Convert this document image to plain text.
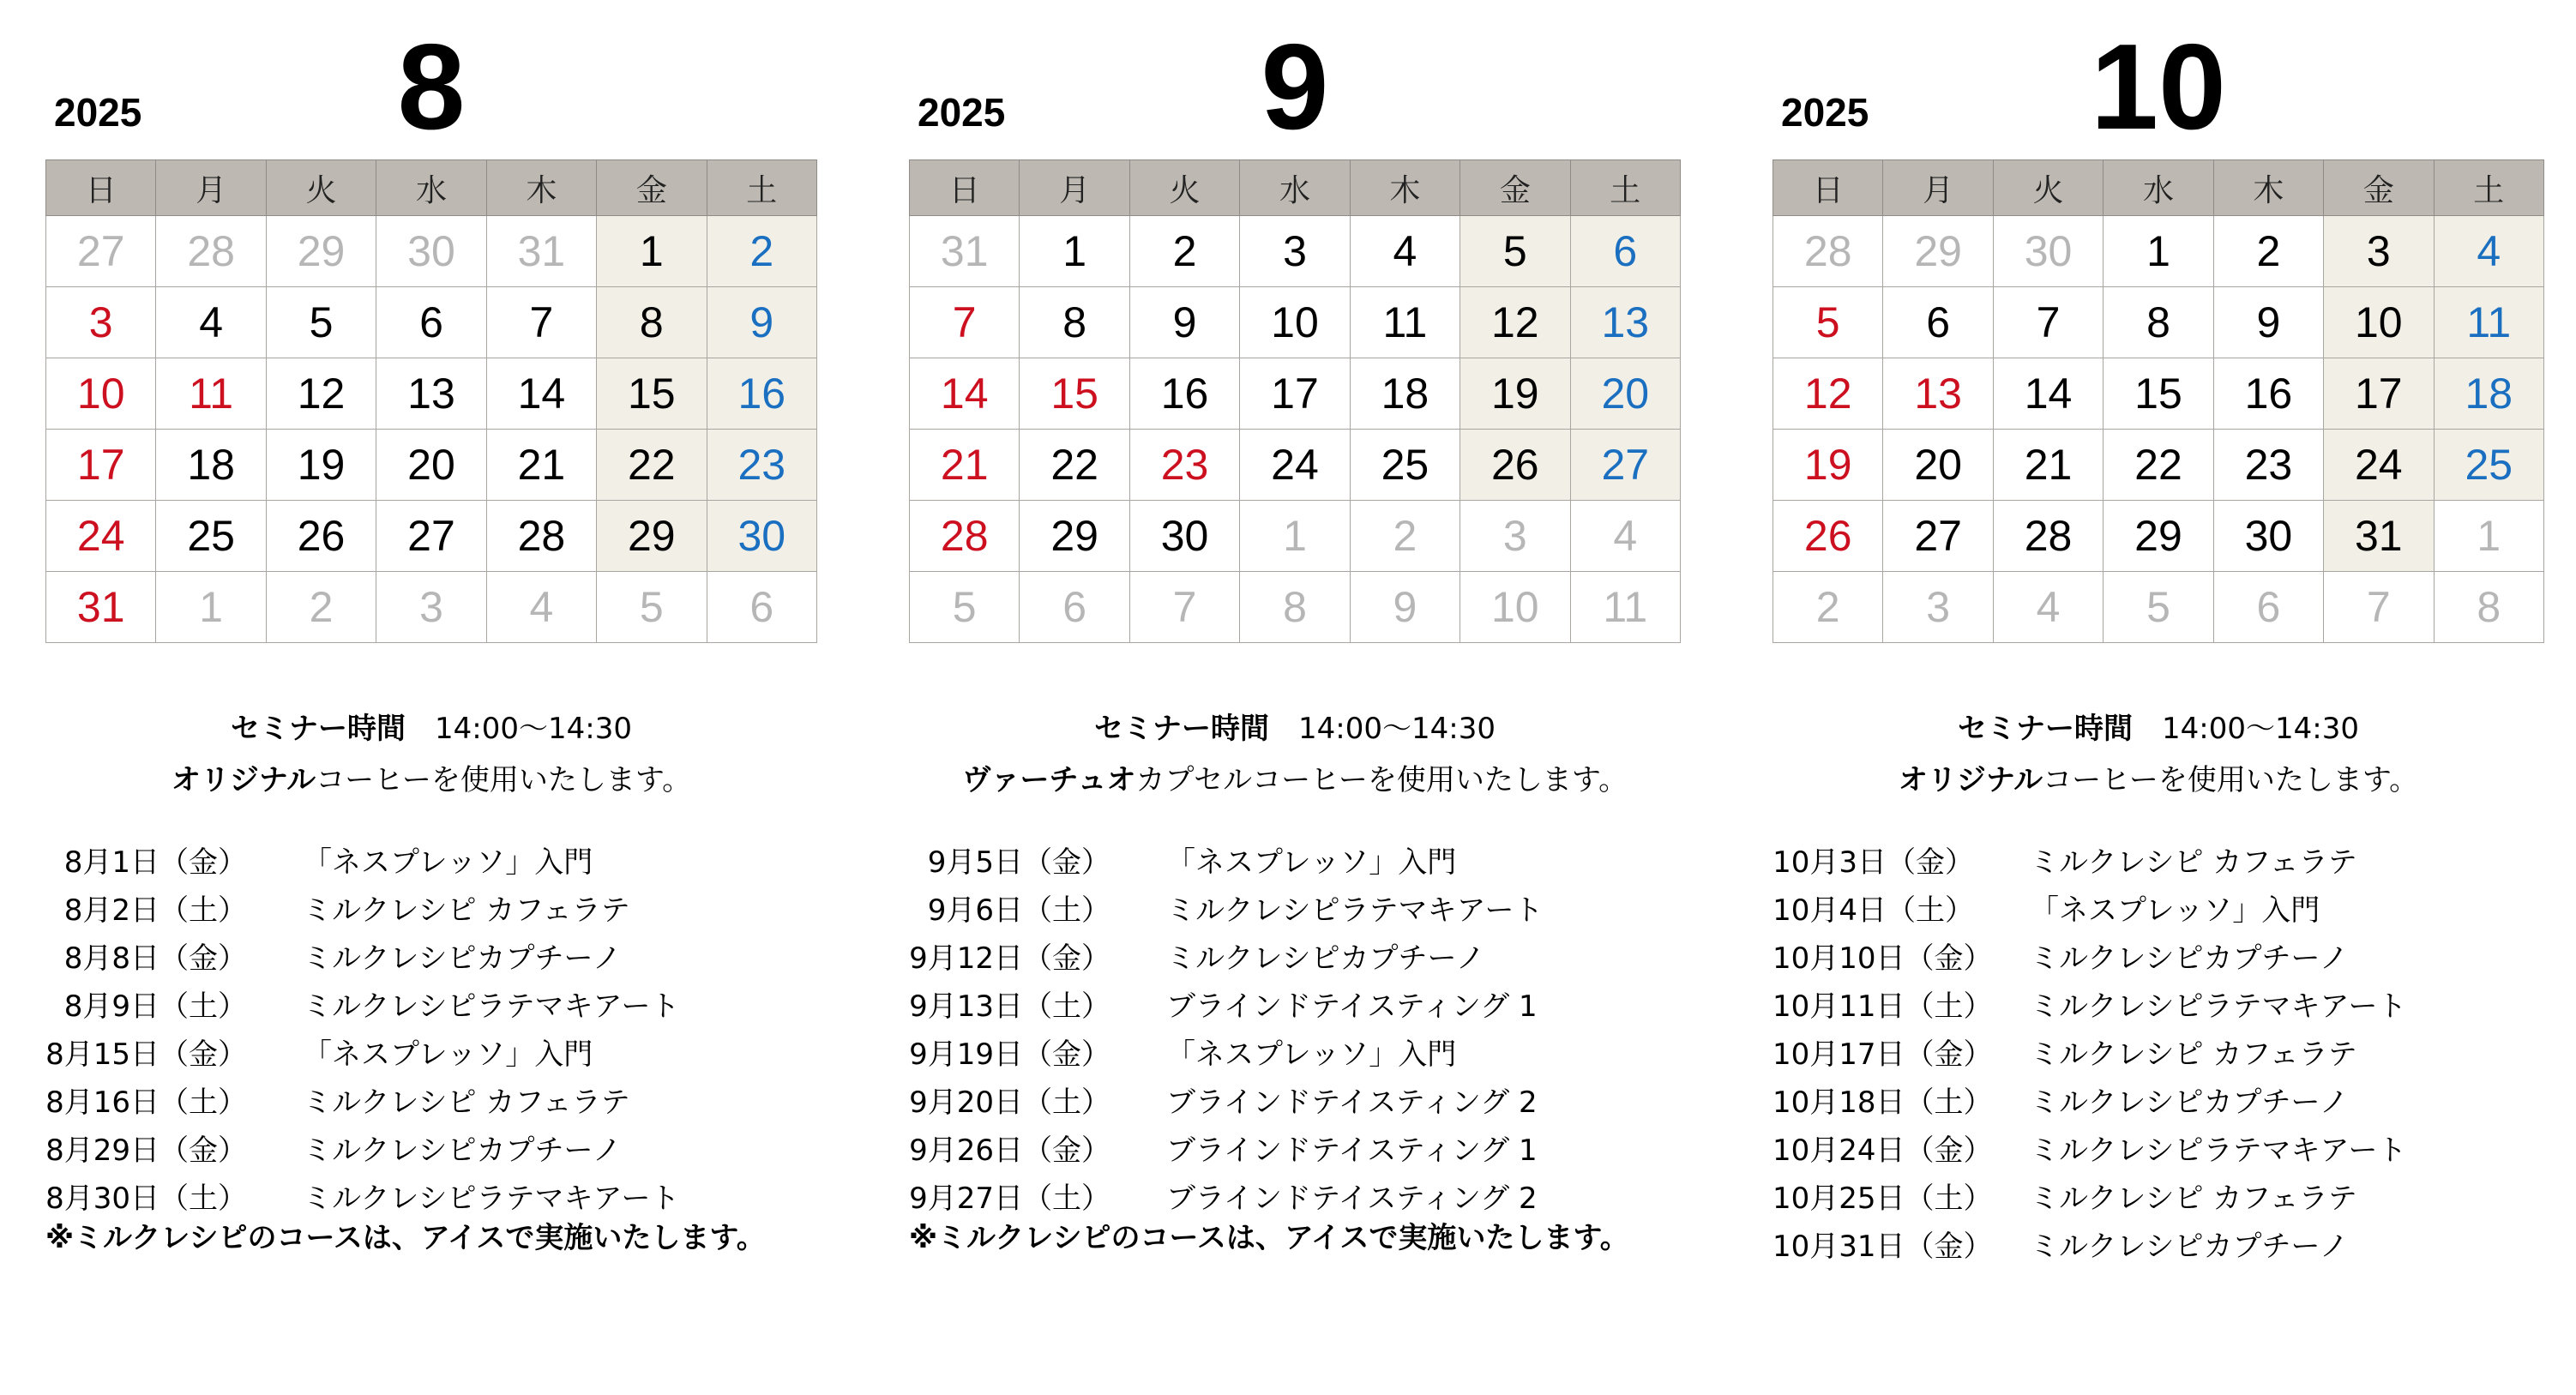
2025	8
日	月	火	水	木	金	土
27	28	29	30	31	1	2
3	4	5	6	7	8	9
10	11	12	13	14	15	16
17	18	19	20	21	22	23
24	25	26	27	28	29	30
31	1	2	3	4	5	6
セミナー時間 14:00〜14:30
オリジナルコーヒーを使用いたします。
8月1日（金） 「ネスプレッソ」入門
8月2日（土） ミルクレシピ カフェラテ
8月8日（金） ミルクレシピカプチーノ
8月9日（土） ミルクレシピラテマキアート
8月15日（金） 「ネスプレッソ」入門
8月16日（土） ミルクレシピ カフェラテ
8月29日（金） ミルクレシピカプチーノ
8月30日（土） ミルクレシピラテマキアート
※ミルクレシピのコースは、アイスで実施いたします。
2025	9
日	月	火	水	木	金	土
31	1	2	3	4	5	6
7	8	9	10	11	12	13
14	15	16	17	18	19	20
21	22	23	24	25	26	27
28	29	30	1	2	3	4
5	6	7	8	9	10	11
セミナー時間 14:00〜14:30
ヴァーチュオカプセルコーヒーを使用いたします。
9月5日（金） 「ネスプレッソ」入門
9月6日（土） ミルクレシピラテマキアート
9月12日（金） ミルクレシピカプチーノ
9月13日（土） ブラインドテイスティング 1
9月19日（金） 「ネスプレッソ」入門
9月20日（土） ブラインドテイスティング 2
9月26日（金） ブラインドテイスティング 1
9月27日（土） ブラインドテイスティング 2
※ミルクレシピのコースは、アイスで実施いたします。
2025	10
日	月	火	水	木	金	土
28	29	30	1	2	3	4
5	6	7	8	9	10	11
12	13	14	15	16	17	18
19	20	21	22	23	24	25
26	27	28	29	30	31	1
2	3	4	5	6	7	8
セミナー時間 14:00〜14:30
オリジナルコーヒーを使用いたします。
10月3日（金） ミルクレシピ カフェラテ
10月4日（土） 「ネスプレッソ」入門
10月10日（金） ミルクレシピカプチーノ
10月11日（土） ミルクレシピラテマキアート
10月17日（金） ミルクレシピ カフェラテ
10月18日（土） ミルクレシピカプチーノ
10月24日（金） ミルクレシピラテマキアート
10月25日（土） ミルクレシピ カフェラテ
10月31日（金） ミルクレシピカプチーノ
